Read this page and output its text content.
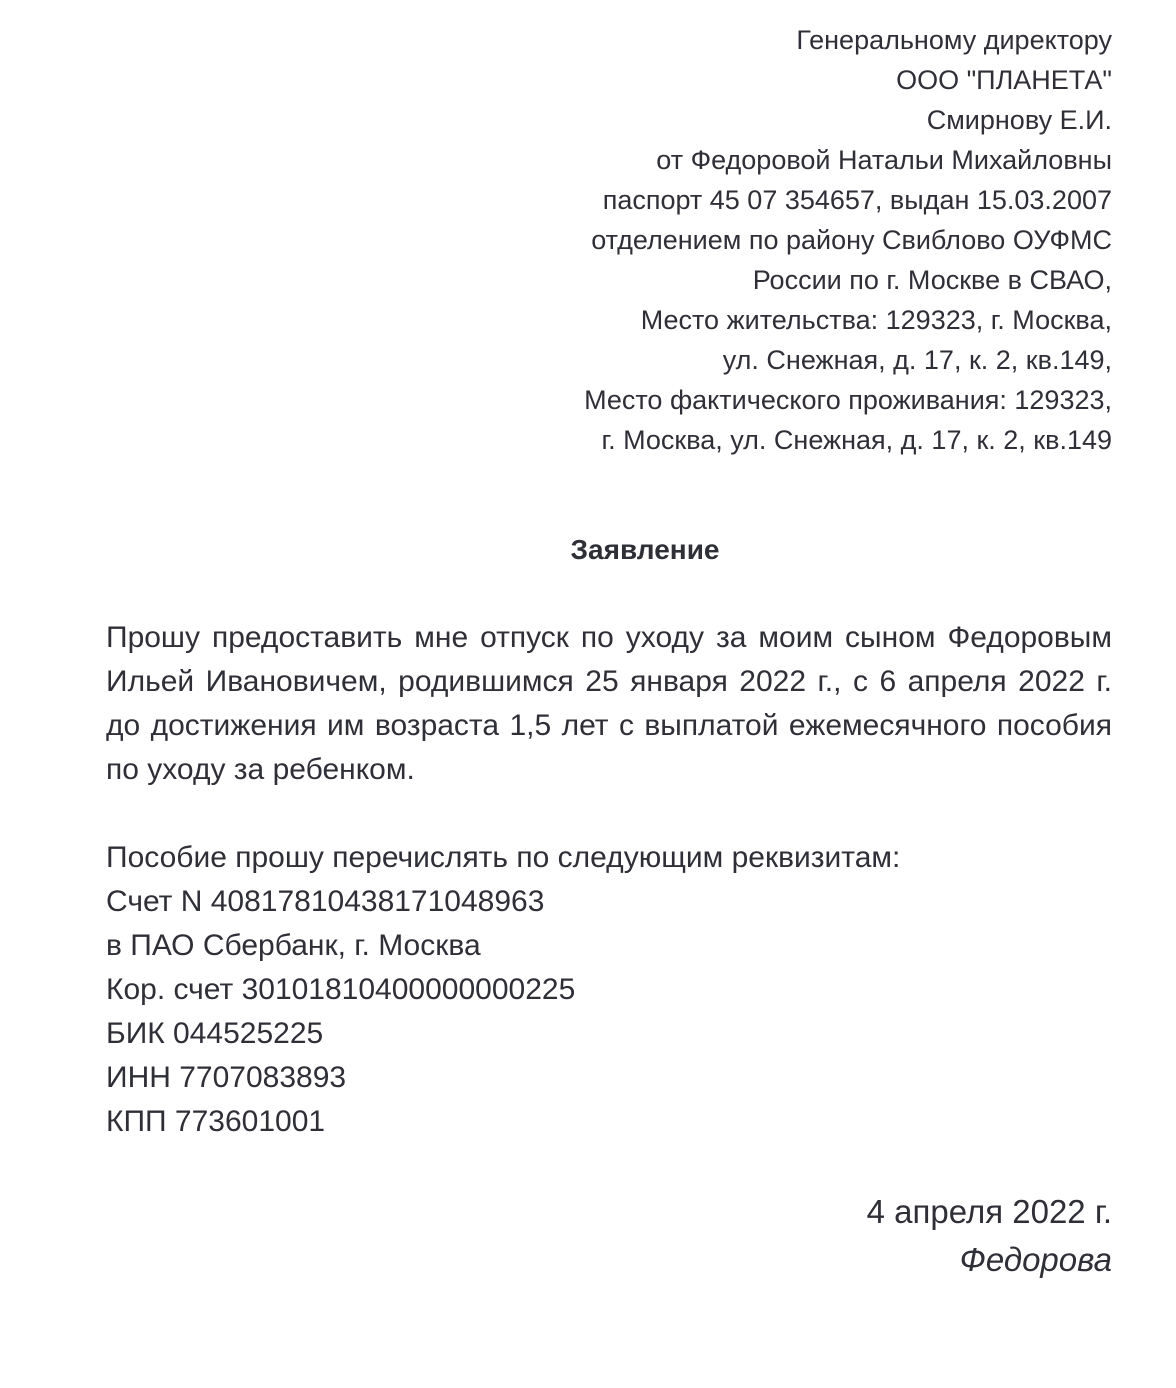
Генеральному директору
ООО "ПЛАНЕТА"
Смирнову Е.И.
от Федоровой Натальи Михайловны
паспорт 45 07 354657, выдан 15.03.2007
отделением по району Свиблово ОУФМС
России по г. Москве в СВАО,
Место жительства: 129323, г. Москва,
ул. Снежная, д. 17, к. 2, кв.149,
Место фактического проживания: 129323,
г. Москва, ул. Снежная, д. 17, к. 2, кв.149
Заявление

Прошу предоставить мне отпуск по уходу за моим сыном Федоровым Ильей Ивановичем, родившимся 25 января 2022 г., с 6 апреля 2022 г. до достижения им возраста 1,5 лет с выплатой ежемесячного пособия по уходу за ребенком.

Пособие прошу перечислять по следующим реквизитам:
Счет N 40817810438171048963
в ПАО Сбербанк, г. Москва
Кор. счет 30101810400000000225
БИК 044525225
ИНН 7707083893
КПП 773601001
4 апреля 2022 г.
Федорова
